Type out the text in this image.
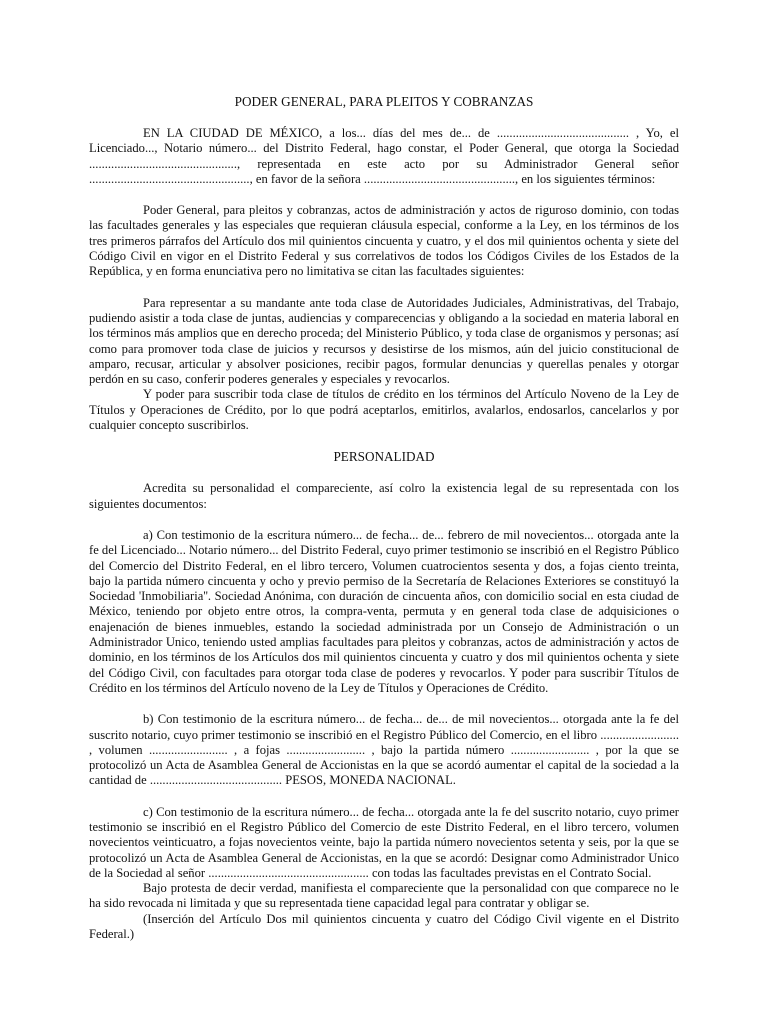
PODER GENERAL, PARA PLEITOS Y COBRANZAS

EN LA CIUDAD DE MÉXICO, a los... días del mes de... de .......................................... , Yo, el Licenciado..., Notario número... del Distrito Federal, hago constar, el Poder General, que otorga la Sociedad ..............................................., representada en este acto por su Administrador General señor ..................................................., en favor de la señora ................................................, en los siguientes términos:

Poder General, para pleitos y cobranzas, actos de administración y actos de riguroso dominio, con todas las facultades generales y las especiales que requieran cláusula especial, conforme a la Ley, en los términos de los tres primeros párrafos del Artículo dos mil quinientos cincuenta y cuatro, y el dos mil quinientos ochenta y siete del Código Civil en vigor en el Distrito Federal y sus correlativos de todos los Códigos Civiles de los Estados de la República, y en forma enunciativa pero no limitativa se citan las facultades siguientes:

Para representar a su mandante ante toda clase de Autoridades Judiciales, Administrativas, del Trabajo, pudiendo asistir a toda clase de juntas, audiencias y comparecencias y obligando a la sociedad en materia laboral en los términos más amplios que en derecho proceda; del Ministerio Público, y toda clase de organismos y personas; así como para promover toda clase de juicios y recursos y desistirse de los mismos, aún del juicio constitucional de amparo, recusar, articular y absolver posiciones, recibir pagos, formular denuncias y querellas penales y otorgar perdón en su caso, conferir poderes generales y especiales y revocarlos.

Y poder para suscribir toda clase de títulos de crédito en los términos del Artículo Noveno de la Ley de Títulos y Operaciones de Crédito, por lo que podrá aceptarlos, emitirlos, avalarlos, endosarlos, cancelarlos y por cualquier concepto suscribirlos.

PERSONALIDAD

Acredita su personalidad el compareciente, así colro la existencia legal de su representada con los siguientes documentos:

a) Con testimonio de la escritura número... de fecha... de... febrero de mil novecientos... otorgada ante la fe del Licenciado... Notario número... del Distrito Federal, cuyo primer testimonio se inscribió en el Registro Público del Comercio del Distrito Federal, en el libro tercero, Volumen cuatrocientos sesenta y dos, a fojas ciento treinta, bajo la partida número cincuenta y ocho y previo permiso de la Secretaría de Relaciones Exteriores se constituyó la Sociedad 'Inmobiliaria''. Sociedad Anónima, con duración de cincuenta años, con domicilio social en esta ciudad de México, teniendo por objeto entre otros, la compra-venta, permuta y en general toda clase de adquisiciones o enajenación de bienes inmuebles, estando la sociedad administrada por un Consejo de Administración o un Administrador Unico, teniendo usted amplias facultades para pleitos y cobranzas, actos de administración y actos de dominio, en los términos de los Artículos dos mil quinientos cincuenta y cuatro y dos mil quinientos ochenta y siete del Código Civil, con facultades para otorgar toda clase de poderes y revocarlos. Y poder para suscribir Títulos de Crédito en los términos del Artículo noveno de la Ley de Títulos y Operaciones de Crédito.

b) Con testimonio de la escritura número... de fecha... de... de mil novecientos... otorgada ante la fe del suscrito notario, cuyo primer testimonio se inscribió en el Registro Público del Comercio, en el libro ......................... , volumen ......................... , a fojas ......................... , bajo la partida número ......................... , por la que se protocolizó un Acta de Asamblea General de Accionistas en la que se acordó aumentar el capital de la sociedad a la cantidad de .......................................... PESOS, MONEDA NACIONAL.

c) Con testimonio de la escritura número... de fecha... otorgada ante la fe del suscrito notario, cuyo primer testimonio se inscribió en el Registro Público del Comercio de este Distrito Federal, en el libro tercero, volumen novecientos veinticuatro, a fojas novecientos veinte, bajo la partida número novecientos setenta y seis, por la que se protocolizó un Acta de Asamblea General de Accionistas, en la que se acordó: Designar como Administrador Unico de la Sociedad al señor ................................................... con todas las facultades previstas en el Contrato Social.

Bajo protesta de decir verdad, manifiesta el compareciente que la personalidad con que comparece no le ha sido revocada ni limitada y que su representada tiene capacidad legal para contratar y obligar se.

(Inserción del Artículo Dos mil quinientos cincuenta y cuatro del Código Civil vigente en el Distrito Federal.)
